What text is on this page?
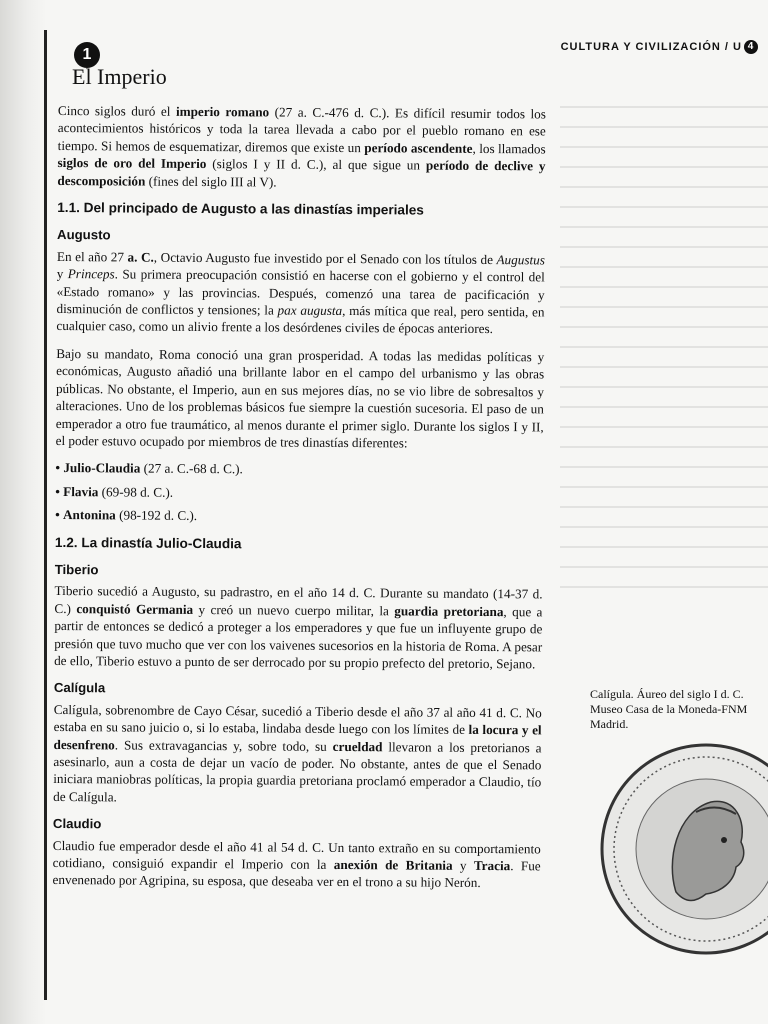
CULTURA Y CIVILIZACIÓN / U 4
1
El Imperio

Cinco siglos duró el imperio romano (27 a. C.-476 d. C.). Es difícil resumir todos los acontecimientos históricos y toda la tarea llevada a cabo por el pueblo romano en ese tiempo. Si hemos de esquematizar, diremos que existe un período ascendente, los llamados siglos de oro del Imperio (siglos I y II d. C.), al que sigue un período de declive y descomposición (fines del siglo III al V).

1.1. Del principado de Augusto a las dinastías imperiales
Augusto

En el año 27 a. C., Octavio Augusto fue investido por el Senado con los títulos de Augustus y Princeps. Su primera preocupación consistió en hacerse con el gobierno y el control del «Estado romano» y las provincias. Después, comenzó una tarea de pacificación y disminución de conflictos y tensiones; la pax augusta, más mítica que real, pero sentida, en cualquier caso, como un alivio frente a los desórdenes civiles de épocas anteriores.

Bajo su mandato, Roma conoció una gran prosperidad. A todas las medidas políticas y económicas, Augusto añadió una brillante labor en el campo del urbanismo y las obras públicas. No obstante, el Imperio, aun en sus mejores días, no se vio libre de sobresaltos y alteraciones. Uno de los problemas básicos fue siempre la cuestión sucesoria. El paso de un emperador a otro fue traumático, al menos durante el primer siglo. Durante los siglos I y II, el poder estuvo ocupado por miembros de tres dinastías diferentes:

• Julio-Claudia (27 a. C.-68 d. C.).
• Flavia (69-98 d. C.).
• Antonina (98-192 d. C.).
1.2. La dinastía Julio-Claudia
Tiberio

Tiberio sucedió a Augusto, su padrastro, en el año 14 d. C. Durante su mandato (14-37 d. C.) conquistó Germania y creó un nuevo cuerpo militar, la guardia pretoriana, que a partir de entonces se dedicó a proteger a los emperadores y que fue un influyente grupo de presión que tuvo mucho que ver con los vaivenes sucesorios en la historia de Roma. A pesar de ello, Tiberio estuvo a punto de ser derrocado por su propio prefecto del pretorio, Sejano.

Calígula

Calígula, sobrenombre de Cayo César, sucedió a Tiberio desde el año 37 al año 41 d. C. No estaba en su sano juicio o, si lo estaba, lindaba desde luego con los límites de la locura y el desenfreno. Sus extravagancias y, sobre todo, su crueldad llevaron a los pretorianos a asesinarlo, aun a costa de dejar un vacío de poder. No obstante, antes de que el Senado iniciara maniobras políticas, la propia guardia pretoriana proclamó emperador a Claudio, tío de Calígula.

Claudio

Claudio fue emperador desde el año 41 al 54 d. C. Un tanto extraño en su comportamiento cotidiano, consiguió expandir el Imperio con la anexión de Britania y Tracia. Fue envenenado por Agripina, su esposa, que deseaba ver en el trono a su hijo Nerón.

Calígula. Áureo del siglo I d. C.
Museo Casa de la Moneda-FNM
Madrid.
